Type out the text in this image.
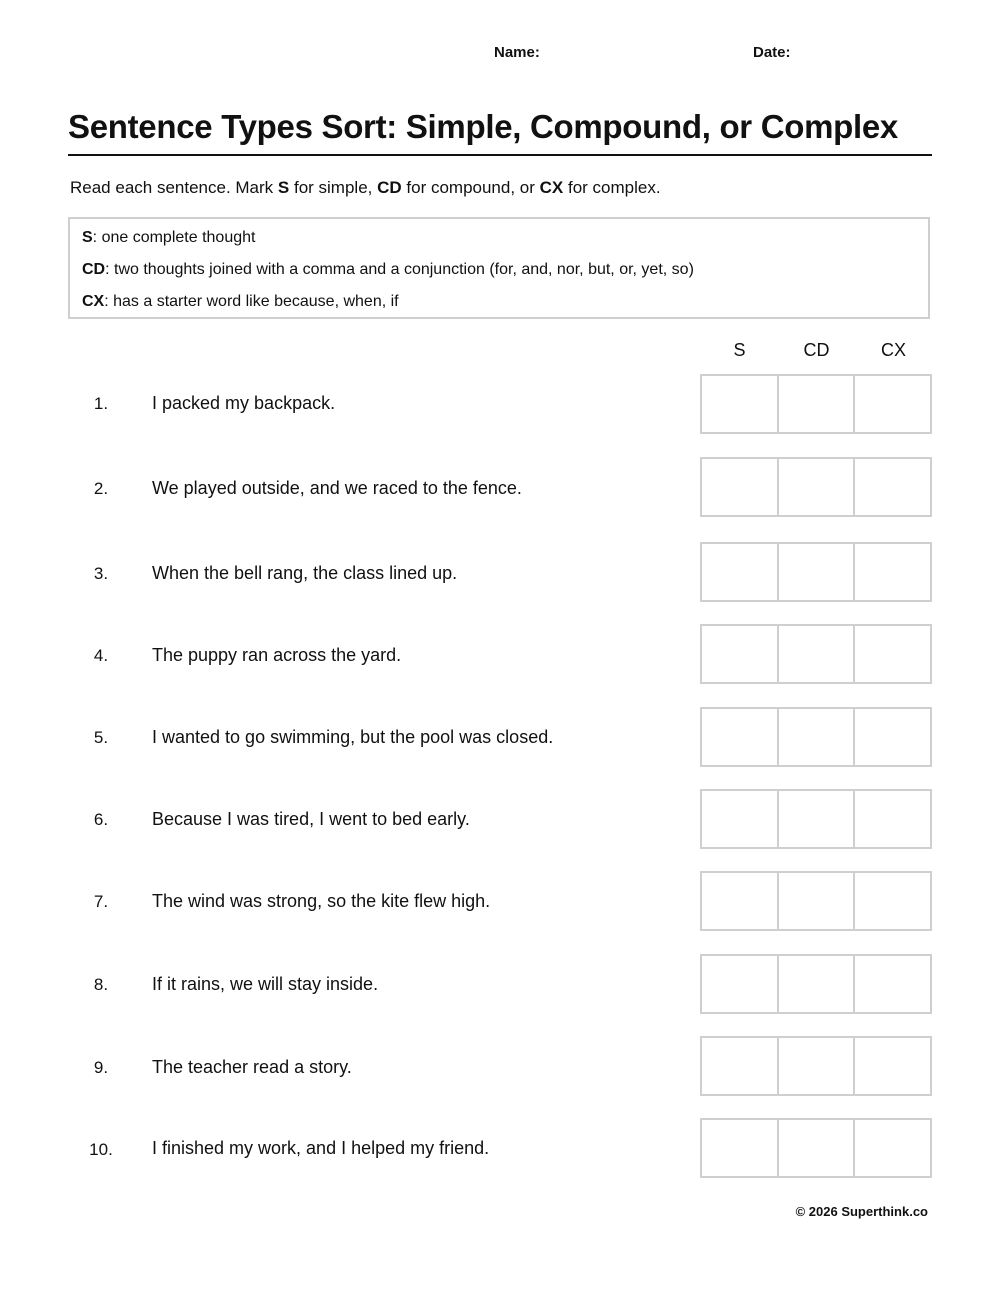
Name:	Date:
Sentence Types Sort: Simple, Compound, or Complex
Read each sentence. Mark S for simple, CD for compound, or CX for complex.
S: one complete thought
CD: two thoughts joined with a comma and a conjunction (for, and, nor, but, or, yet, so)
CX: has a starter word like because, when, if
S	CD	CX
1.	I packed my backpack.
2.	We played outside, and we raced to the fence.
3.	When the bell rang, the class lined up.
4.	The puppy ran across the yard.
5.	I wanted to go swimming, but the pool was closed.
6.	Because I was tired, I went to bed early.
7.	The wind was strong, so the kite flew high.
8.	If it rains, we will stay inside.
9.	The teacher read a story.
10. I finished my work, and I helped my friend.
© 2026 Superthink.co
